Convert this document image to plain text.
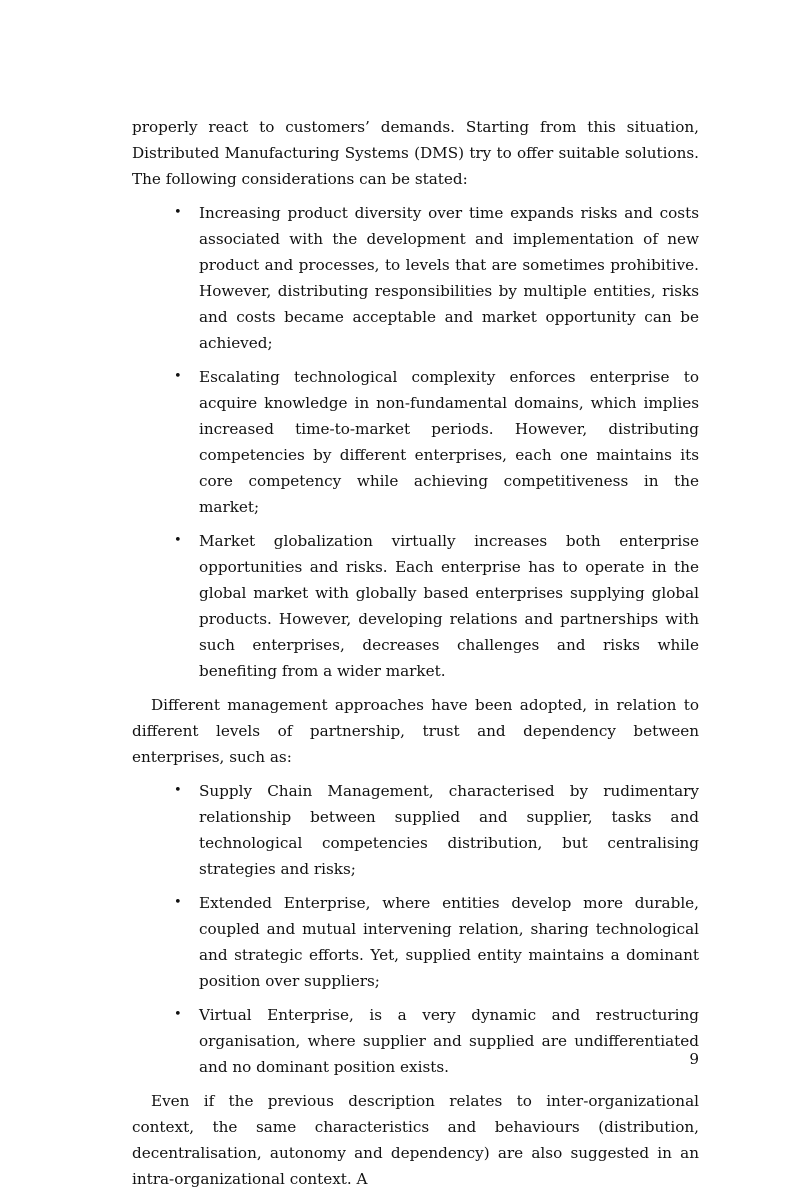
properly react to customers’ demands. Starting from this situation, Distributed Manufacturing Systems (DMS) try to offer suitable solutions. The following considerations can be stated:

• Increasing product diversity over time expands risks and costs associated with the development and implementation of new product and processes, to levels that are sometimes prohibitive. However, distributing responsibilities by multiple entities, risks and costs became acceptable and market opportunity can be achieved;
• Escalating technological complexity enforces enterprise to acquire knowledge in non-fundamental domains, which implies increased time-to-market periods. However, distributing competencies by different enterprises, each one maintains its core competency while achieving competitiveness in the market;
• Market globalization virtually increases both enterprise opportunities and risks. Each enterprise has to operate in the global market with globally based enterprises supplying global products. However, developing relations and partnerships with such enterprises, decreases challenges and risks while benefiting from a wider market.

Different management approaches have been adopted, in relation to different levels of partnership, trust and dependency between enterprises, such as:

• Supply Chain Management, characterised by rudimentary relationship between supplied and supplier, tasks and technological competencies distribution, but centralising strategies and risks;
• Extended Enterprise, where entities develop more durable, coupled and mutual intervening relation, sharing technological and strategic efforts. Yet, supplied entity maintains a dominant position over suppliers;
• Virtual Enterprise, is a very dynamic and restructuring organisation, where supplier and supplied are undifferentiated and no dominant position exists.

Even if the previous description relates to inter-organizational context, the same characteristics and behaviours (distribution, decentralisation, autonomy and dependency) are also suggested in an intra-organizational context. A

9
